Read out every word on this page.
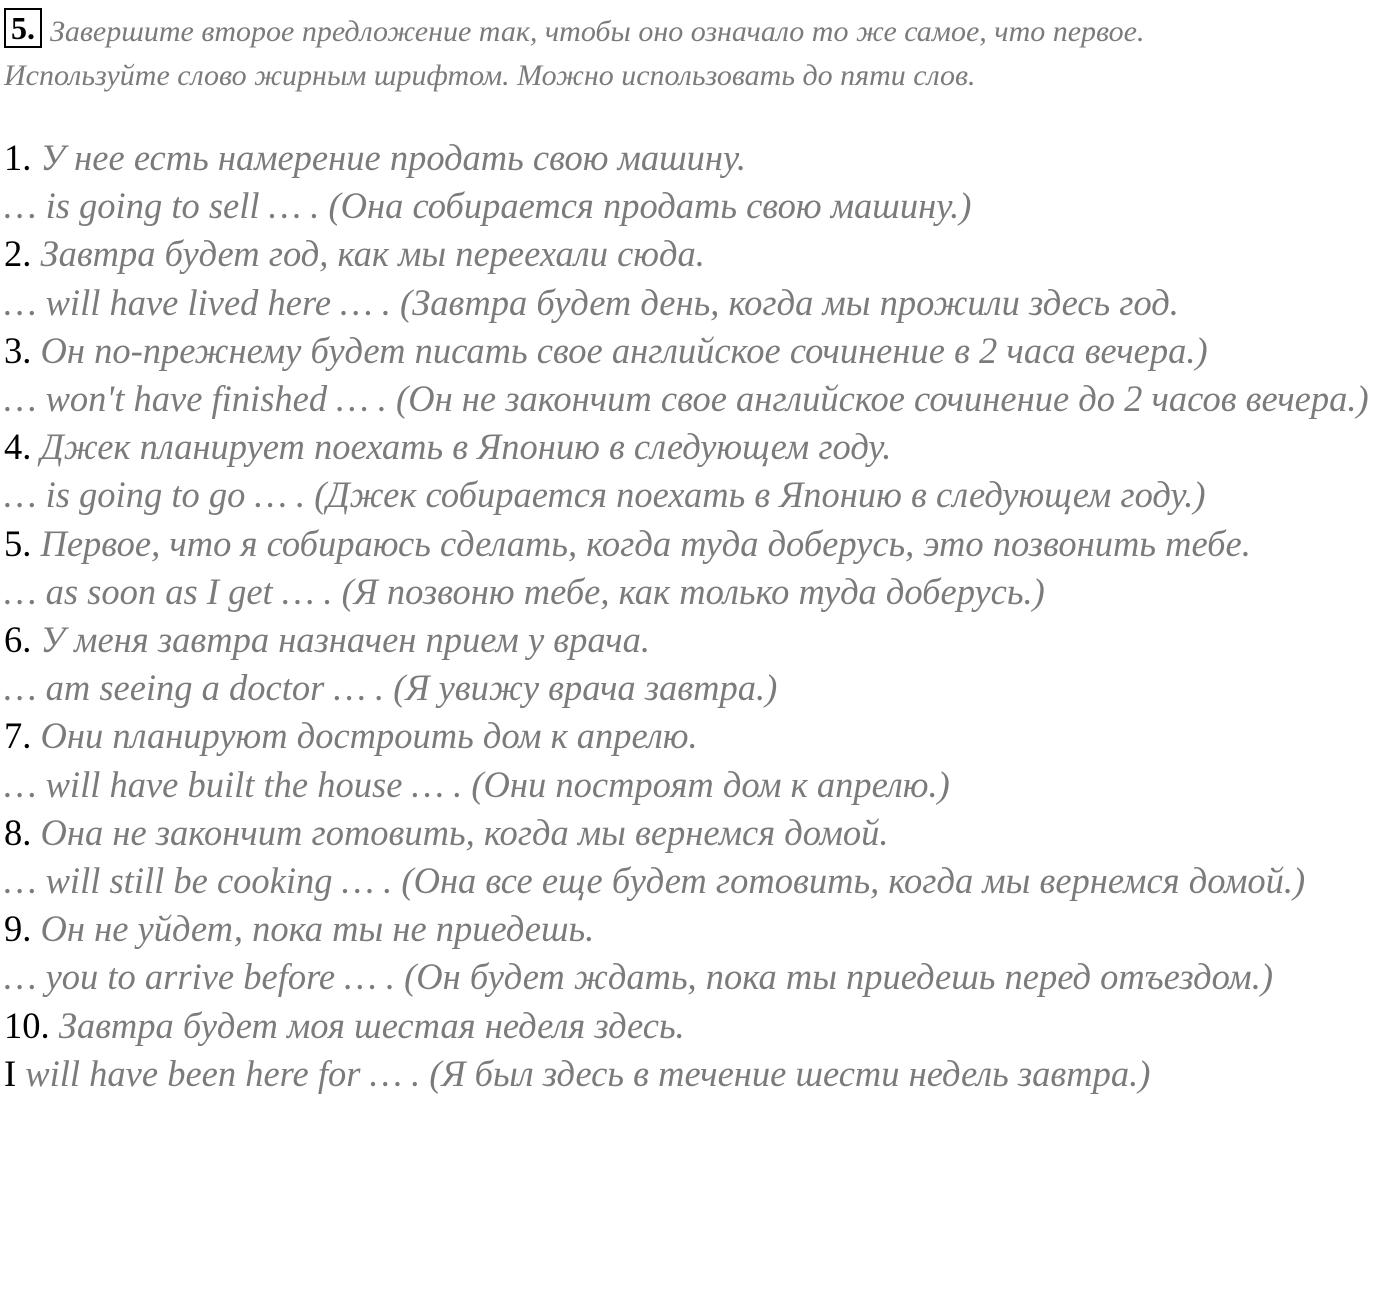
5. Завершите второе предложение так, чтобы оно означало то же самое, что первое.
Используйте слово жирным шрифтом. Можно использовать до пяти слов.
1. У нее есть намерение продать свою машину.
… is going to sell … . (Она собирается продать свою машину.)
2. Завтра будет год, как мы переехали сюда.
… will have lived here … . (Завтра будет день, когда мы прожили здесь год.
3. Он по-прежнему будет писать свое английское сочинение в 2 часа вечера.)
… won't have finished … . (Он не закончит свое английское сочинение до 2 часов вечера.)
4. Джек планирует поехать в Японию в следующем году.
… is going to go … . (Джек собирается поехать в Японию в следующем году.)
5. Первое, что я собираюсь сделать, когда туда доберусь, это позвонить тебе.
… as soon as I get … . (Я позвоню тебе, как только туда доберусь.)
6. У меня завтра назначен прием у врача.
… am seeing a doctor … . (Я увижу врача завтра.)
7. Они планируют достроить дом к апрелю.
… will have built the house … . (Они построят дом к апрелю.)
8. Она не закончит готовить, когда мы вернемся домой.
… will still be cooking … . (Она все еще будет готовить, когда мы вернемся домой.)
9. Он не уйдет, пока ты не приедешь.
… you to arrive before … . (Он будет ждать, пока ты приедешь перед отъездом.)
10. Завтра будет моя шестая неделя здесь.
I will have been here for … . (Я был здесь в течение шести недель завтра.)
